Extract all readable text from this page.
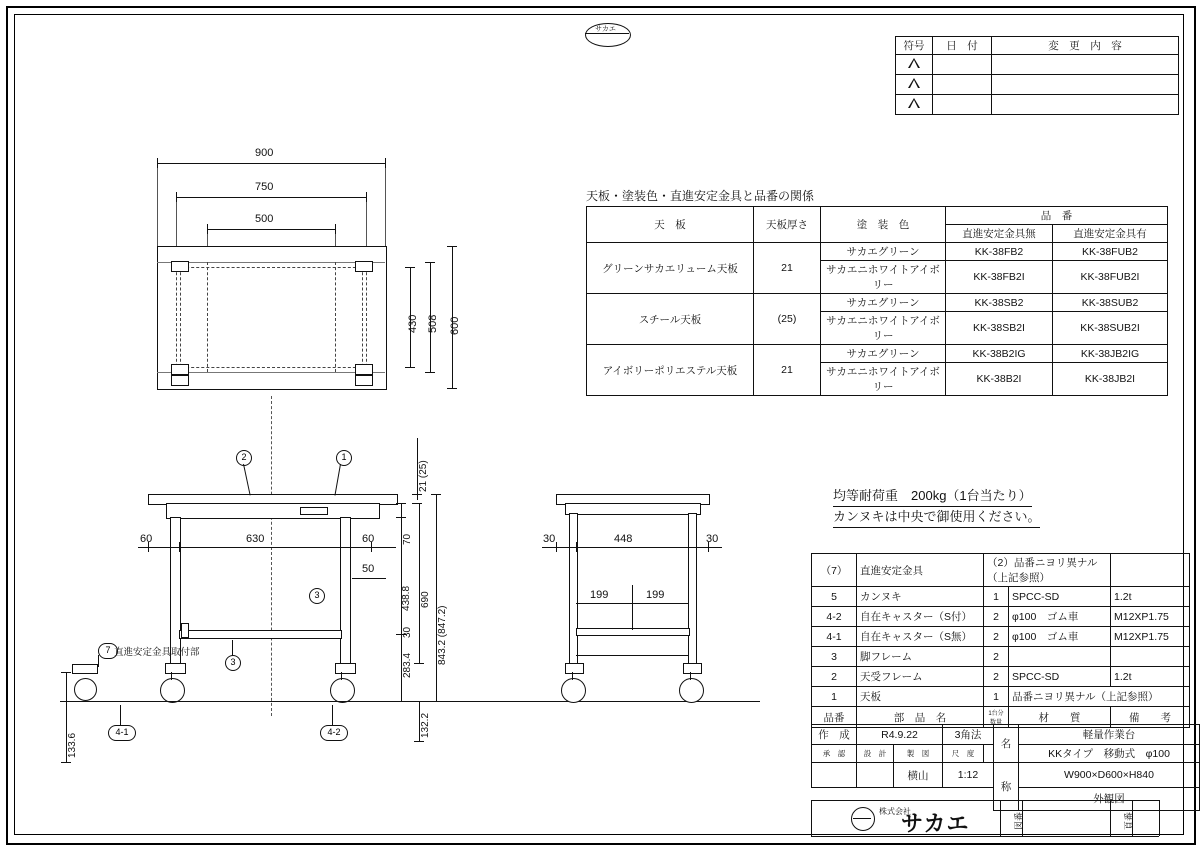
サカエ
符号	日　付	変　更　内　容

900
750
500
600
508
430
天板・塗装色・直進安定金具と品番の関係
天　板	天板厚さ	塗　装　色	品　番	
			直進安定金具無	直進安定金具有
グリーンサカエリューム天板	21	サカエグリーン	KK-38FB2	KK-38FUB2
		サカエニホワイトアイボリー	KK-38FB2I	KK-38FUB2I
スチール天板	(25)	サカエグリーン	KK-38SB2	KK-38SUB2
		サカエニホワイトアイボリー	KK-38SB2I	KK-38SUB2I
アイボリーポリエステル天板	21	サカエグリーン	KK-38B2IG	KK-38JB2IG
		サカエニホワイトアイボリー	KK-38B2I	KK-38JB2I
均等耐荷重　200kg（1台当たり）
カンヌキは中央で御使用ください。
2	1
3
3
4-1	4-2
7 直進安定金具取付部
60	630	60
21 (25)
70
438.8 690
30
283.4
843.2 (847.2)
132.2
133.6
50
30	448	30
199	199
（7）	直進安定金具	（2）品番ニヨリ異ナル（上記参照）		
5	カンヌキ	1	SPCC-SD	1.2t
4-2	自在キャスター（S付）	2	φ100　ゴム車	M12XP1.75
4-1	自在キャスター（S無）	2	φ100　ゴム車	M12XP1.75
3	脚フレーム	2		
2	天受フレーム	2	SPCC-SD	1.2t
1	天板	1	品番ニヨリ異ナル（上記参照）	
品番	部　品　名	1台分 数量	材　　質	備　　考
作　成	R4.9.22		3角法		名	軽量作業台
承　認	設　計	製　図	尺　度			KKタイプ　移動式　φ100
		横山	1:12		称	W900×D600×H840

株式会社
サカエ	図番	頁番
